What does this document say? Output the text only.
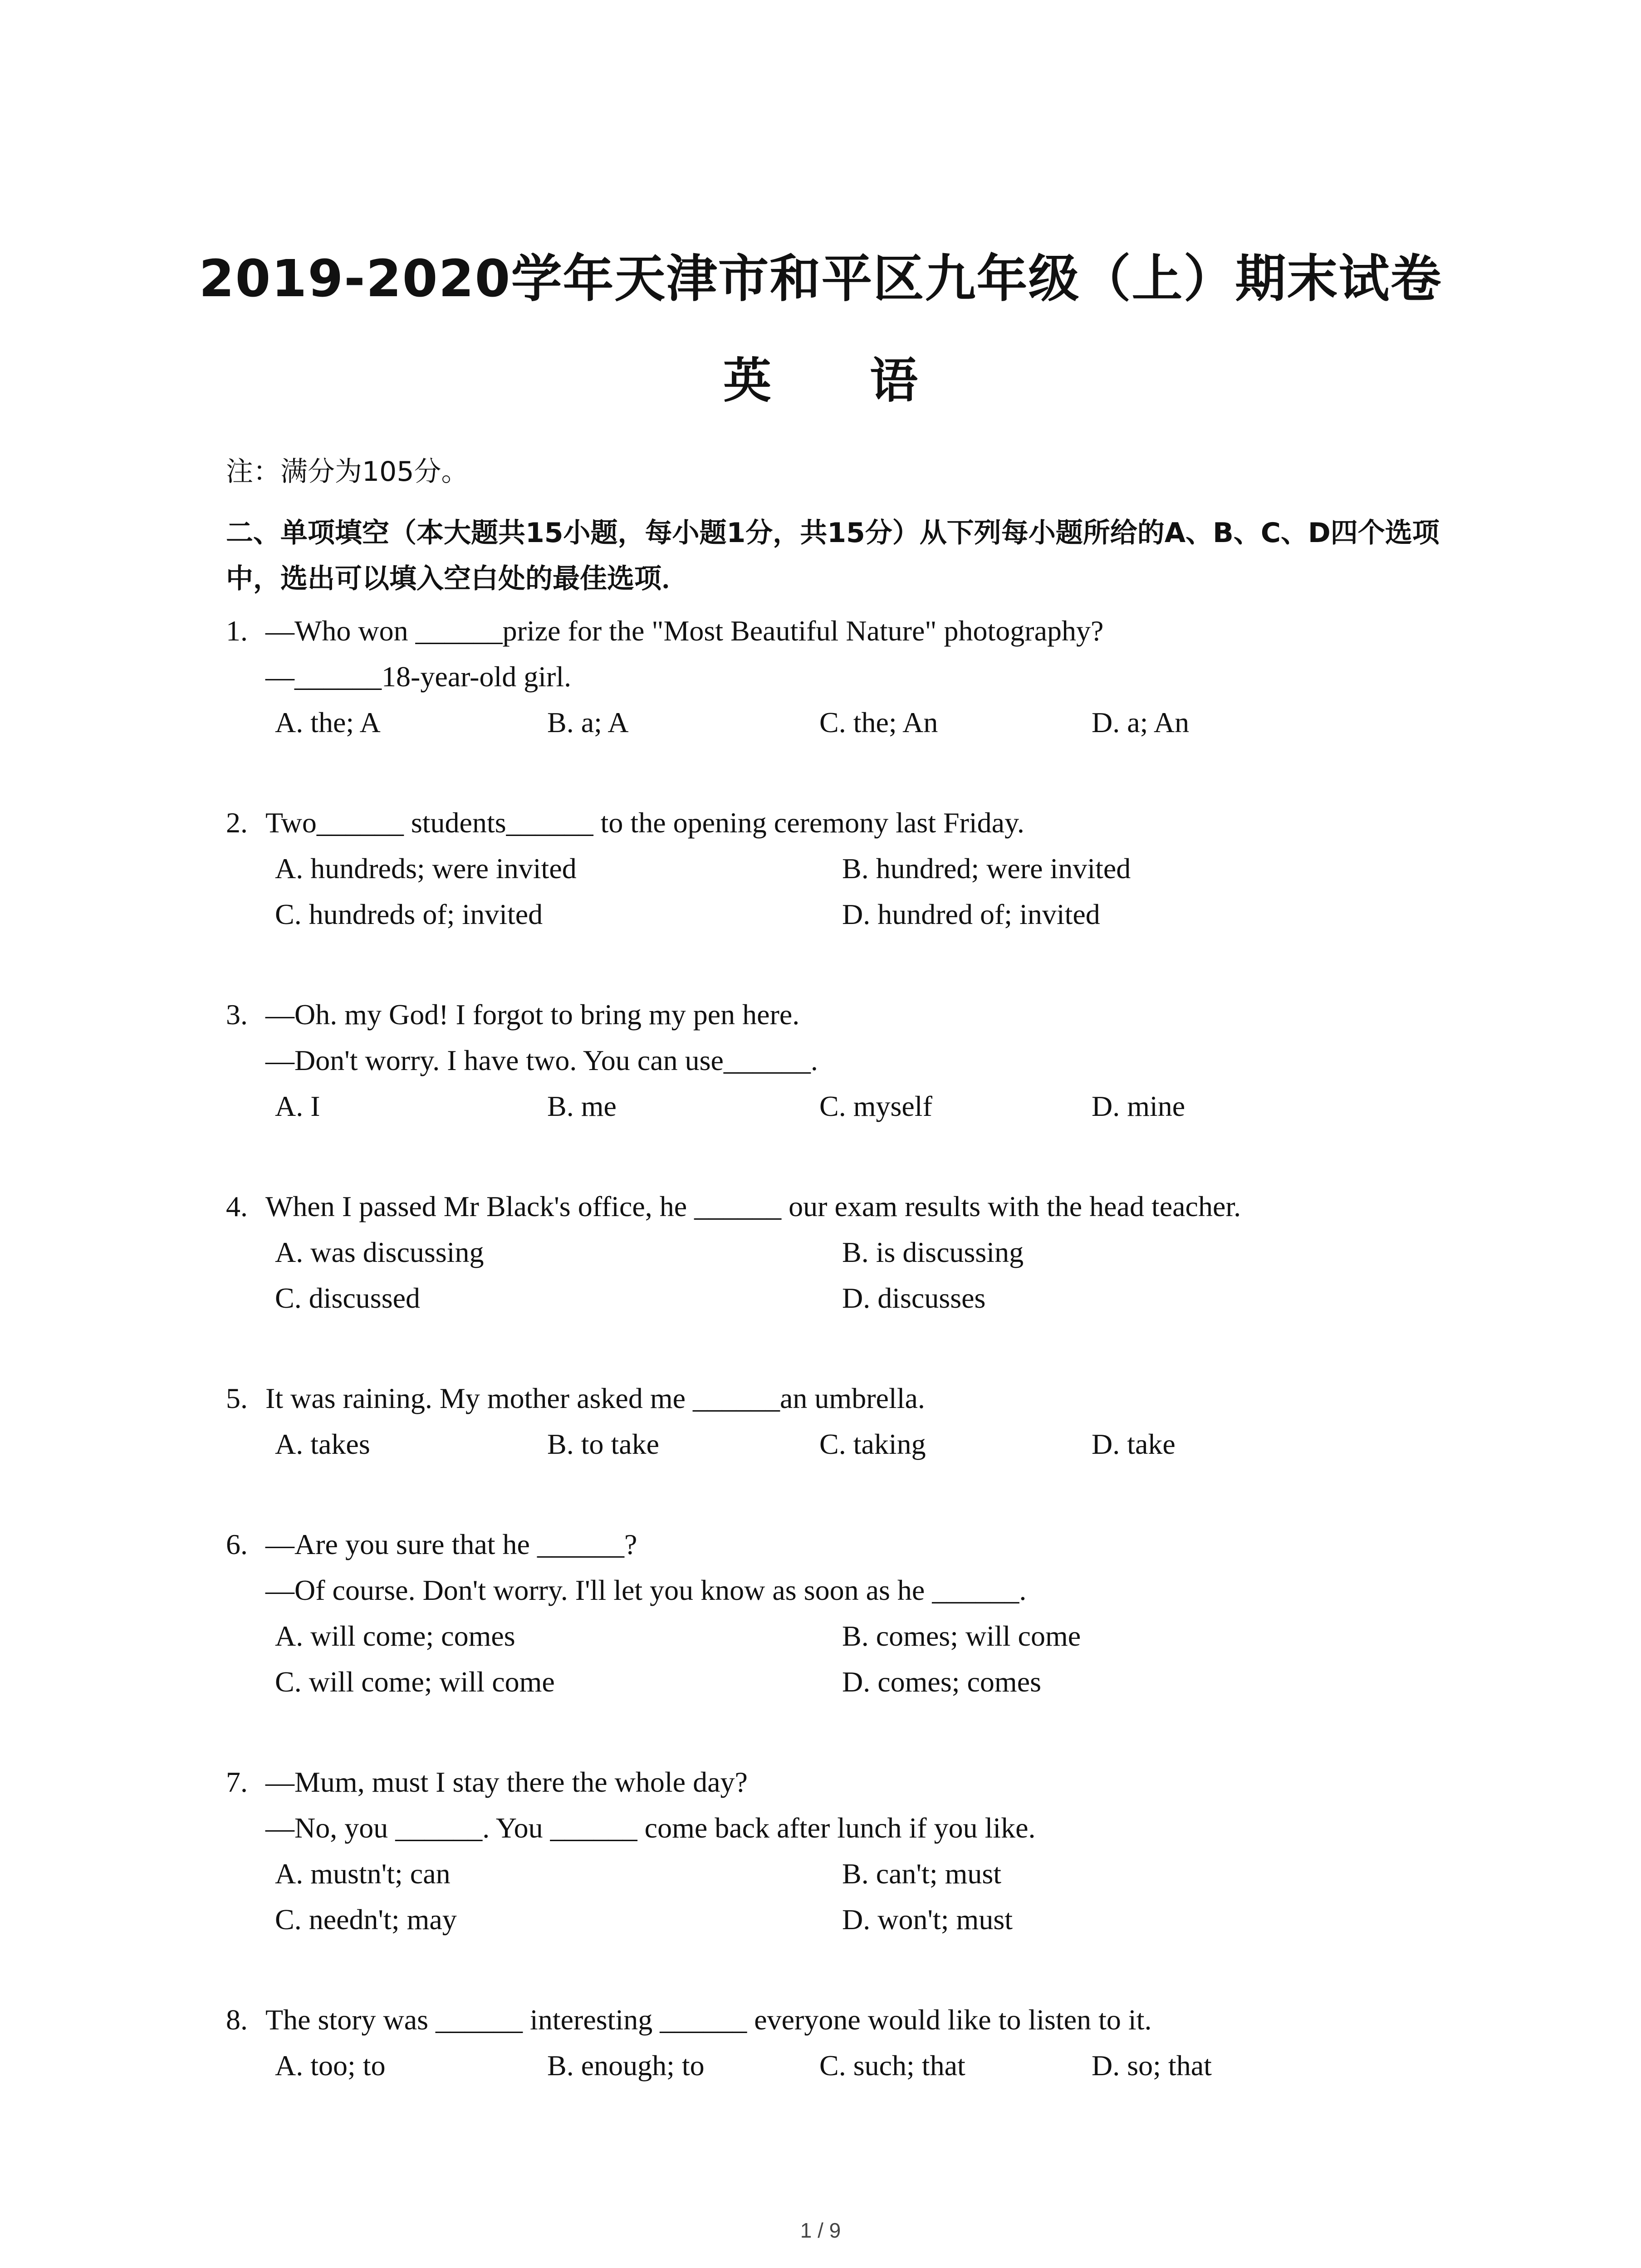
2019-2020学年天津市和平区九年级（上）期末试卷
英 语
注：满分为105分。
二、单项填空（本大题共15小题，每小题1分，共15分）从下列每小题所给的A、B、C、D四个选项中，选出可以填入空白处的最佳选项．
1. —Who won ______prize for the "Most Beautiful Nature" photography?
—______18-year-old girl.
A. the; A	B. a; A	C. the; An	D. a; An
2. Two______ students______ to the opening ceremony last Friday.
A. hundreds; were invited	B. hundred; were invited
C. hundreds of; invited	D. hundred of; invited
3. —Oh. my God! I forgot to bring my pen here.
—Don't worry. I have two. You can use______.
A. I	B. me	C. myself	D. mine
4. When I passed Mr Black's office, he ______ our exam results with the head teacher.
A. was discussing	B. is discussing
C. discussed	D. discusses
5. It was raining. My mother asked me ______an umbrella.
A. takes	B. to take	C. taking	D. take
6. —Are you sure that he ______?
—Of course. Don't worry. I'll let you know as soon as he ______.
A. will come; comes	B. comes; will come
C. will come; will come	D. comes; comes
7. —Mum, must I stay there the whole day?
—No, you ______. You ______ come back after lunch if you like.
A. mustn't; can	B. can't; must
C. needn't; may	D. won't; must
8. The story was ______ interesting ______ everyone would like to listen to it.
A. too; to	B. enough; to	C. such; that	D. so; that
1 / 9
